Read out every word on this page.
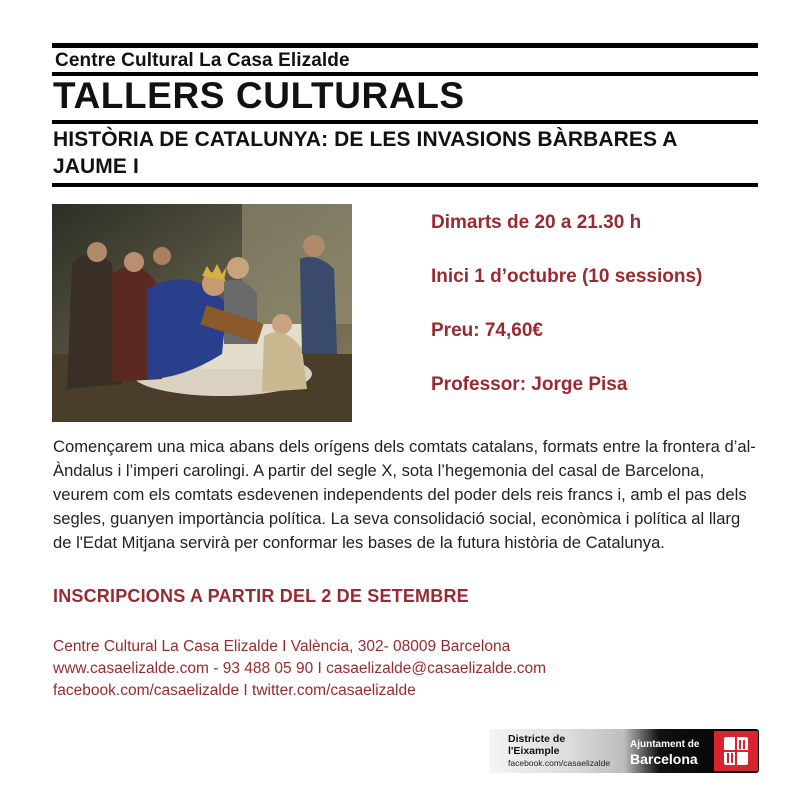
Centre Cultural La Casa Elizalde
TALLERS CULTURALS
HISTÒRIA DE CATALUNYA: DE LES INVASIONS BÀRBARES A JAUME I
Dimarts de 20 a 21.30 h
Inici 1 d’octubre (10 sessions)
Preu: 74,60€
Professor: Jorge Pisa
Començarem una mica abans dels orígens dels comtats catalans, formats entre la frontera d’al-Àndalus i l’imperi carolingi. A partir del segle X, sota l’hegemonia del casal de Barcelona, veurem com els comtats esdevenen independents del poder dels reis francs i, amb el pas dels segles, guanyen importància política. La seva consolidació social, econòmica i política al llarg de l'Edat Mitjana servirà per conformar les bases de la futura història de Catalunya.
INSCRIPCIONS A PARTIR DEL 2 DE SETEMBRE
Centre Cultural La Casa Elizalde I València, 302- 08009 Barcelona
www.casaelizalde.com - 93 488 05 90 I casaelizalde@casaelizalde.com
facebook.com/casaelizalde I twitter.com/casaelizalde
Districte de
l'Eixample
facebook.com/casaelizalde
Ajuntament de
Barcelona
